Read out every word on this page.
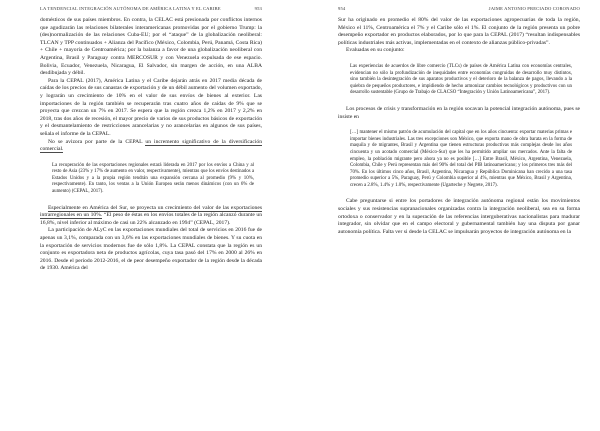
LA TENDENCIAL INTEGRACIÓN AUTÓNOMA DE AMÉRICA LATINA Y EL CARIBE	953

domésticos de sus países miembros. En contra, la CELAC está presionada por conflictos internos que agudizarán las relaciones bilaterales interamericanas promovidas por el gobierno Trump: la (des)normalización de las relaciones Cuba-EU; por el “ataque” de la globalización neoliberal: TLCAN y TPP continuados + Alianza del Pacífico (México, Colombia, Perú, Panamá, Costa Rica) + Chile + mayoría de Centroamérica; por la balanza a favor de una globalización neoliberal con Argentina, Brasil y Paraguay contra MERCOSUR y con Venezuela expulsada de ese espacio. Bolivia, Ecuador, Venezuela, Nicaragua, El Salvador, sin margen de acción, en una ALBA desdibujada y débil.

Para la CEPAL (2017), América Latina y el Caribe dejarán atrás en 2017 media década de caídas de los precios de sus canastas de exportación y de un débil aumento del volumen exportado, y lograrán un crecimiento de 10% en el valor de sus envíos de bienes al exterior. Las importaciones de la región también se recuperarán tras cuatro años de caídas de 9% que se proyecta que crezcan un 7% en 2017. Se espera que la región crezca 1,2% en 2017 y 2,2% en 2018, tras dos años de recesión, el mayor precio de varios de sus productos básicos de exportación y el desmantelamiento de restricciones arancelarias y no arancelarias en algunos de sus países, señala el informe de la CEPAL.

No se avizora por parte de la CEPAL un incremento significativo de la diversificación comercial.

La recuperación de las exportaciones regionales estará liderada en 2017 por los envíos a China y al resto de Asia (23% y 17% de aumento en valor, respectivamente), mientras que los envíos destinados a Estados Unidos y a la propia región tendrán una expansión cercana al promedio (9% y 10%, respectivamente). En tanto, los ventas a la Unión Europea serán menos dinámicos (con un 6% de aumento) (CEPAL, 2017).

Especialmente en América del Sur, se proyecta un crecimiento del valor de las exportaciones intrarregionales en un 10%. “El peso de éstas en los envíos totales de la región alcanzó durante un 16,8%, nivel inferior al máximo de casi un 22% alcanzado en 1994” (CEPAL, 2017).

La participación de ALyC en las exportaciones mundiales del total de servicios en 2016 fue de apenas un 3,1%, comparada con un 3,6% en las exportaciones mundiales de bienes. Y su cuota en la exportación de servicios modernos fue de sólo 1,8%. La CEPAL constata que la región es un conjunto es exportadora neta de productos agrícolas, cuya tasa pasó del 17% en 2000 al 26% en 2016. Desde el período 2012-2016, el de peor desempeño exportador de la región desde la década de 1930. América del

954	JAIME ANTONIO PRECIADO CORONADO

Sur ha originado en promedio el 80% del valor de las exportaciones agropecuarias de toda la región, México el 11%, Centroamérica el 7% y el Caribe sólo el 1%. El conjunto de la región presenta un pobre desempeño exportador en productos elaborados, por lo que para la CEPAL (2017) “resultan indispensables políticas industriales más activas, implementadas en el contexto de alianzas público-privadas”.

Evaluadas en su conjunto:

Las experiencias de acuerdos de libre comercio (TLCs) de países de América Latina con economías centrales, evidencian no sólo la profundización de inequidades entre economías congruidas de desarrollo muy distintos, sino también la desintegración de sus aparatos productivos y el deterioro de la balanza de pagos, llevando a la quiebra de pequeños productores, e impidiendo de hecho armonizar cambios tecnológicos y productivos con un desarrollo sustentable (Grupo de Trabajo de CLACSO “Integración y Unión Latinoamericana”, 2017).

Los procesos de crisis y transformación en la región socavan la potencial integración autónoma, pues se insiste en

[…] mantener el mismo patrón de acumulación del capital que en los años cincuenta: exportar materias primas e importar bienes industriales. Las tres excepciones son México, que exporta mano de obra barata en la forma de maquila y de migrantes, Brasil y Argentina que tienen estructuras productivas más complejas desde los años cincuenta y un acotado comercial (México-Sur) que les ha permitido ampliar sus mercados. Ante la falta de empleo, la población migrante pero ahora ya no es posible […] Entre Brasil, México, Argentina, Venezuela, Colombia, Chile y Perú representan más del 90% del total del PIB latinoamericano; y los primeros tres más del 70%. En los últimos cinco años, Brasil, Argentina, Nicaragua y República Dominicana han crecido a una tasa promedio superior a 5%, Paraguay, Perú y Colombia superior al 4%, mientras que México, Brasil y Argentina, crecen a 2.8%, 1.4% y 1.0%, respectivamente (Ugarteche y Negrete, 2017).

Cabe preguntarse si entre los portadores de integración autónoma regional están los movimientos sociales y sus resistencias supranacionales organizadas contra la integración neoliberal, sea en su forma ortodoxa o conservador y en la superación de las referencias interguberativas nacionalistas para madurar integrador, sin olvidar que en el campo electoral y gubernamental también hay una disputa por ganar autonomía política. Falta ver si desde la CELAC se impulsarán proyectos de integración autónoma en la
